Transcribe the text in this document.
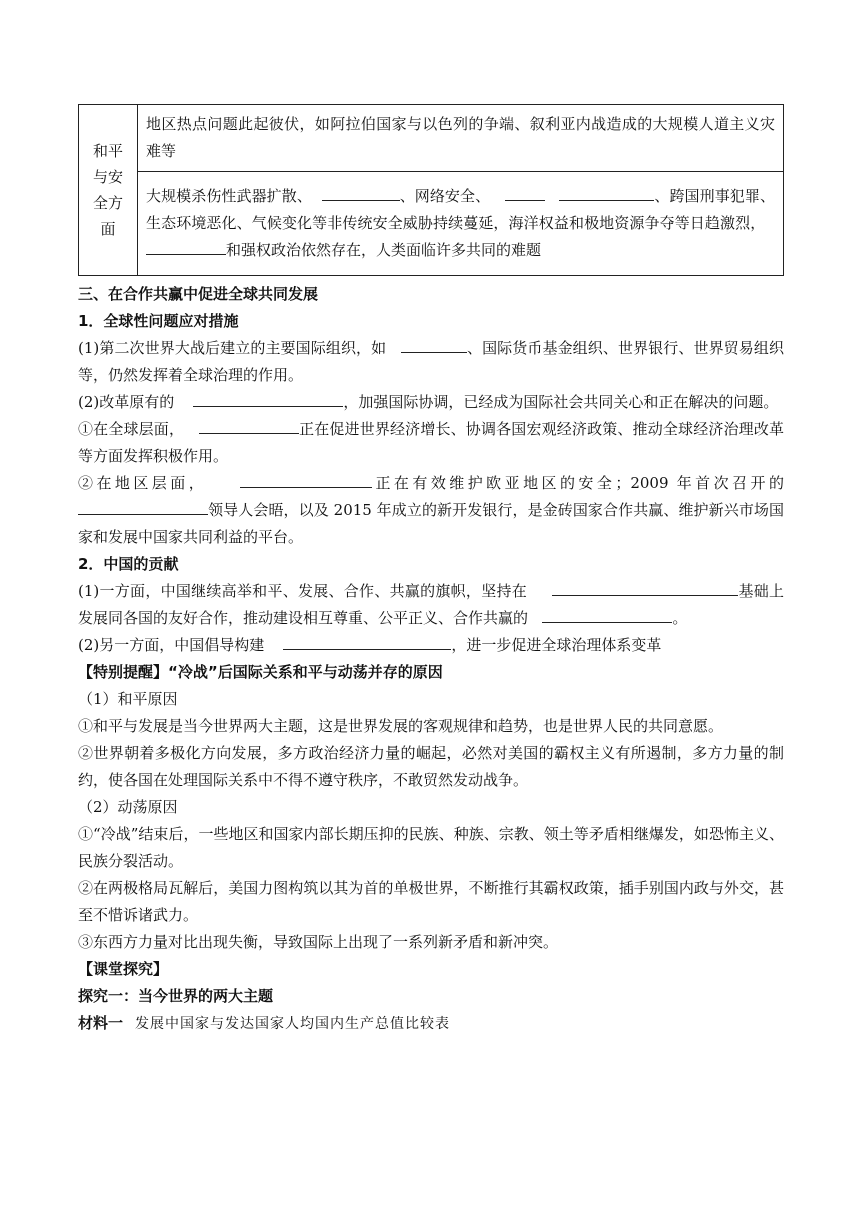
和平
与安
全方
面
	地区热点问题此起彼伏，如阿拉伯国家与以色列的争端、叙利亚内战造成的大规模人道主义灾难等
大规模杀伤性武器扩散、	、网络安全、	、跨国刑事犯罪、生态环境恶化、气候变化等非传统安全威胁持续蔓延，海洋权益和极地资源争夺等日趋激烈，  和强权政治依然存在，人类面临许多共同的难题

三、在合作共赢中促进全球共同发展

1．全球性问题应对措施

(1)第二次世界大战后建立的主要国际组织，如	、国际货币基金组织、世界银行、世界贸易组织等，仍然发挥着全球治理的作用。

(2)改革原有的	，加强国际协调，已经成为国际社会共同关心和正在解决的问题。

①在全球层面，	正在促进世界经济增长、协调各国宏观经济政策、推动全球经济治理改革等方面发挥积极作用。

②在地区层面，	正在有效维护欧亚地区的安全；2009 年首次召开的 领导人会晤，以及 2015 年成立的新开发银行，是金砖国家合作共赢、维护新兴市场国家和发展中国家共同利益的平台。

2．中国的贡献

(1)一方面，中国继续高举和平、发展、合作、共赢的旗帜，坚持在	基础上发展同各国的友好合作，推动建设相互尊重、公平正义、合作共赢的	。

(2)另一方面，中国倡导构建	，进一步促进全球治理体系变革

【特别提醒】“冷战”后国际关系和平与动荡并存的原因

（1）和平原因

①和平与发展是当今世界两大主题，这是世界发展的客观规律和趋势，也是世界人民的共同意愿。

②世界朝着多极化方向发展，多方政治经济力量的崛起，必然对美国的霸权主义有所遏制，多方力量的制约，使各国在处理国际关系中不得不遵守秩序，不敢贸然发动战争。

（2）动荡原因

①“冷战”结束后，一些地区和国家内部长期压抑的民族、种族、宗教、领土等矛盾相继爆发，如恐怖主义、民族分裂活动。

②在两极格局瓦解后，美国力图构筑以其为首的单极世界，不断推行其霸权政策，插手别国内政与外交，甚至不惜诉诸武力。

③东西方力量对比出现失衡，导致国际上出现了一系列新矛盾和新冲突。

【课堂探究】

探究一：当今世界的两大主题

材料一 发展中国家与发达国家人均国内生产总值比较表
